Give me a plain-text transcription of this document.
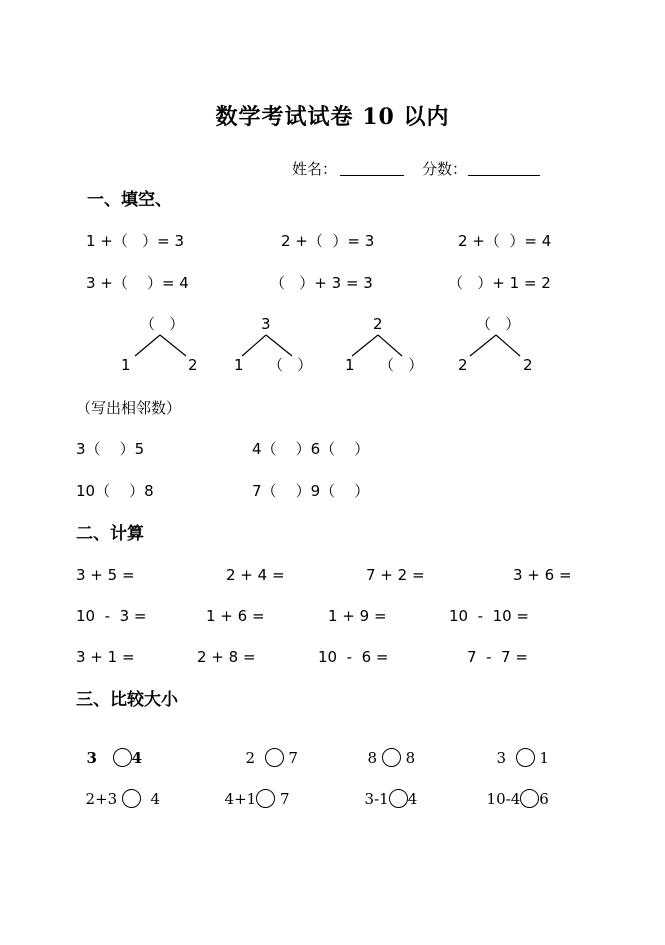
数学考试试卷 10 以内
姓名：	分数：
一、填空、
1 +（   ）= 3	2 +（  ）= 3	2 +（  ）= 4
3 +（    ）= 4	（   ）+ 3 = 3	（   ）+ 1 = 2
（   ）
1	2
3
1 （   ）
2
1 （   ）
（   ）
2	2
（写出相邻数）
3（    ）5	4（    ）6（    ）
10（    ）8	7（    ）9（    ）
二、计算
3 + 5 =	2 + 4 =	7 + 2 =	3 + 6 =
10  -  3 =	1 + 6 =	1 + 9 =	10  -  10 =
3 + 1 =	2 + 8 =	10  -  6 =	7  -  7 =
三、比较大小

3 4	2 7	8 8	3 1

2+3 4	4+1 7	3-1 4	10-4 6
